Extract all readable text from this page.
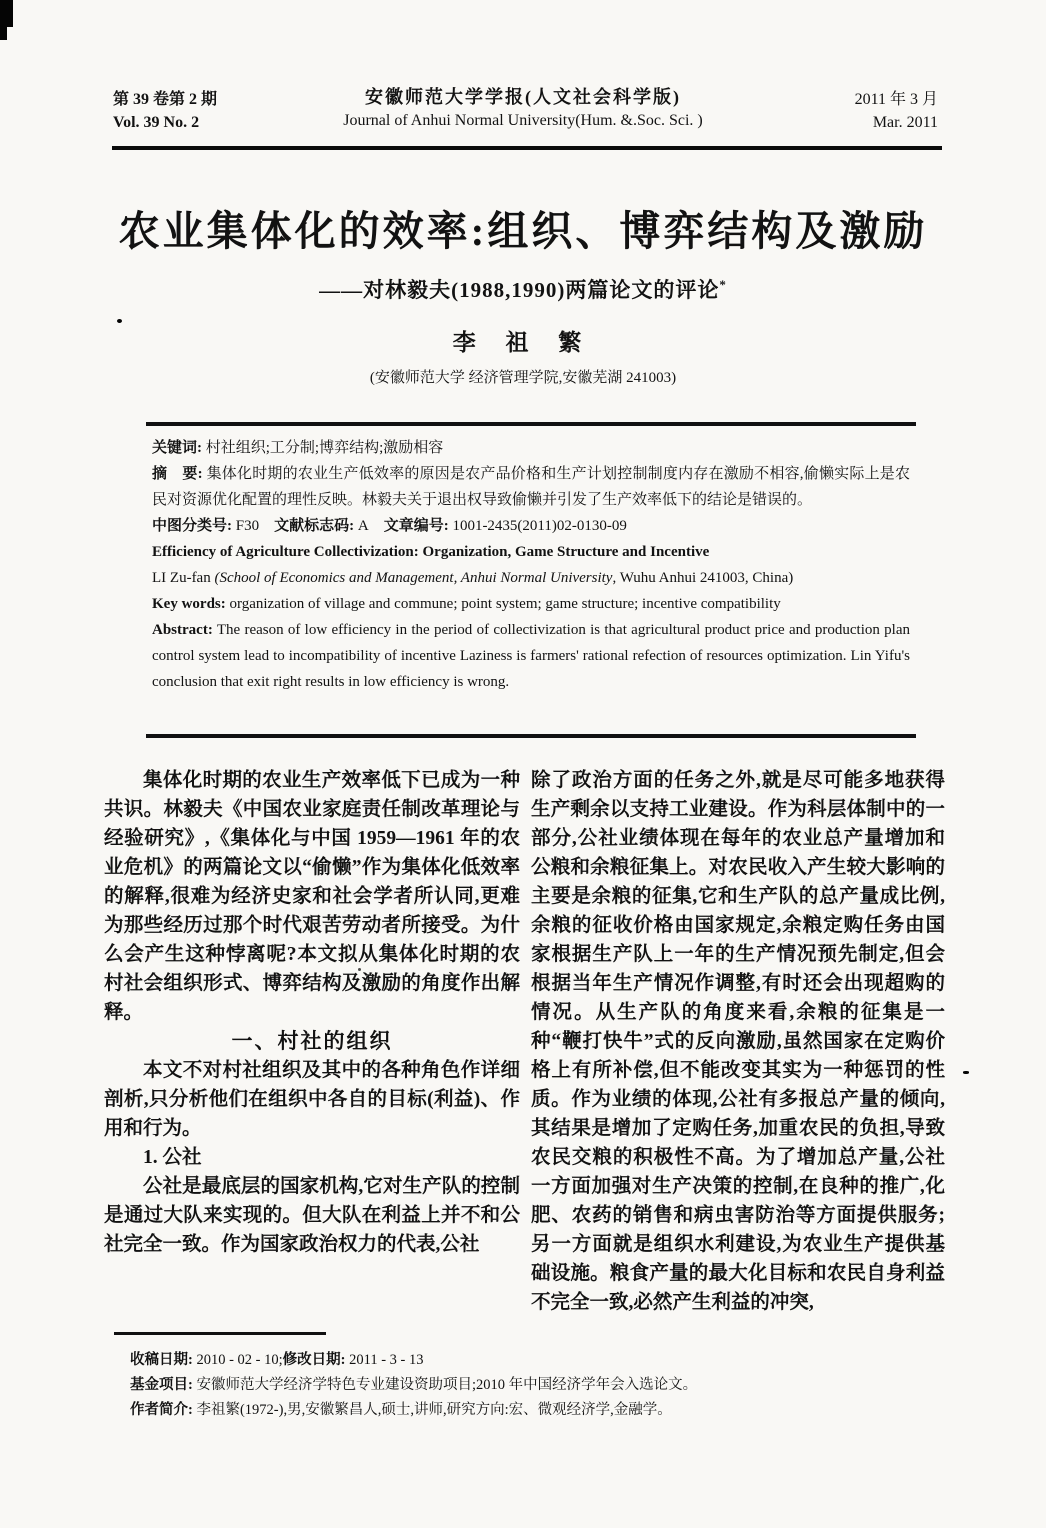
第 39 卷第 2 期
Vol. 39 No. 2
安徽师范大学学报(人文社会科学版)
Journal of Anhui Normal University(Hum. &.Soc. Sci. )
2011 年 3 月
Mar. 2011
农业集体化的效率:组织、博弈结构及激励
——对林毅夫(1988,1990)两篇论文的评论*
李 祖 繁
(安徽师范大学 经济管理学院,安徽芜湖 241003)

关键词: 村社组织;工分制;博弈结构;激励相容

摘　要: 集体化时期的农业生产低效率的原因是农产品价格和生产计划控制制度内存在激励不相容,偷懒实际上是农民对资源优化配置的理性反映。林毅夫关于退出权导致偷懒并引发了生产效率低下的结论是错误的。

中图分类号: F30 文献标志码: A 文章编号: 1001-2435(2011)02-0130-09

Efficiency of Agriculture Collectivization: Organization, Game Structure and Incentive

LI Zu-fan (School of Economics and Management, Anhui Normal University, Wuhu Anhui 241003, China)

Key words: organization of village and commune; point system; game structure; incentive compatibility

Abstract: The reason of low efficiency in the period of collectivization is that agricultural product price and production plan control system lead to incompatibility of incentive Laziness is farmers' rational refection of resources optimization. Lin Yifu's conclusion that exit right results in low efficiency is wrong.

集体化时期的农业生产效率低下已成为一种共识。林毅夫《中国农业家庭责任制改革理论与经验研究》,《集体化与中国 1959—1961 年的农业危机》的两篇论文以“偷懒”作为集体化低效率的解释,很难为经济史家和社会学者所认同,更难为那些经历过那个时代艰苦劳动者所接受。为什么会产生这种悖离呢?本文拟从集体化时期的农村社会组织形式、博弈结构及激励的角度作出解释。

一、村社的组织

本文不对村社组织及其中的各种角色作详细剖析,只分析他们在组织中各自的目标(利益)、作用和行为。

1. 公社

公社是最底层的国家机构,它对生产队的控制是通过大队来实现的。但大队在利益上并不和公社完全一致。作为国家政治权力的代表,公社

除了政治方面的任务之外,就是尽可能多地获得生产剩余以支持工业建设。作为科层体制中的一部分,公社业绩体现在每年的农业总产量增加和公粮和余粮征集上。对农民收入产生较大影响的主要是余粮的征集,它和生产队的总产量成比例,余粮的征收价格由国家规定,余粮定购任务由国家根据生产队上一年的生产情况预先制定,但会根据当年生产情况作调整,有时还会出现超购的情况。从生产队的角度来看,余粮的征集是一种“鞭打快牛”式的反向激励,虽然国家在定购价格上有所补偿,但不能改变其实为一种惩罚的性质。作为业绩的体现,公社有多报总产量的倾向,其结果是增加了定购任务,加重农民的负担,导致农民交粮的积极性不高。为了增加总产量,公社一方面加强对生产决策的控制,在良种的推广,化肥、农药的销售和病虫害防治等方面提供服务;另一方面就是组织水利建设,为农业生产提供基础设施。粮食产量的最大化目标和农民自身利益不完全一致,必然产生利益的冲突,

收稿日期: 2010 - 02 - 10;修改日期: 2011 - 3 - 13
基金项目: 安徽师范大学经济学特色专业建设资助项目;2010 年中国经济学年会入选论文。
作者简介: 李祖繁(1972-),男,安徽繁昌人,硕士,讲师,研究方向:宏、微观经济学,金融学。
